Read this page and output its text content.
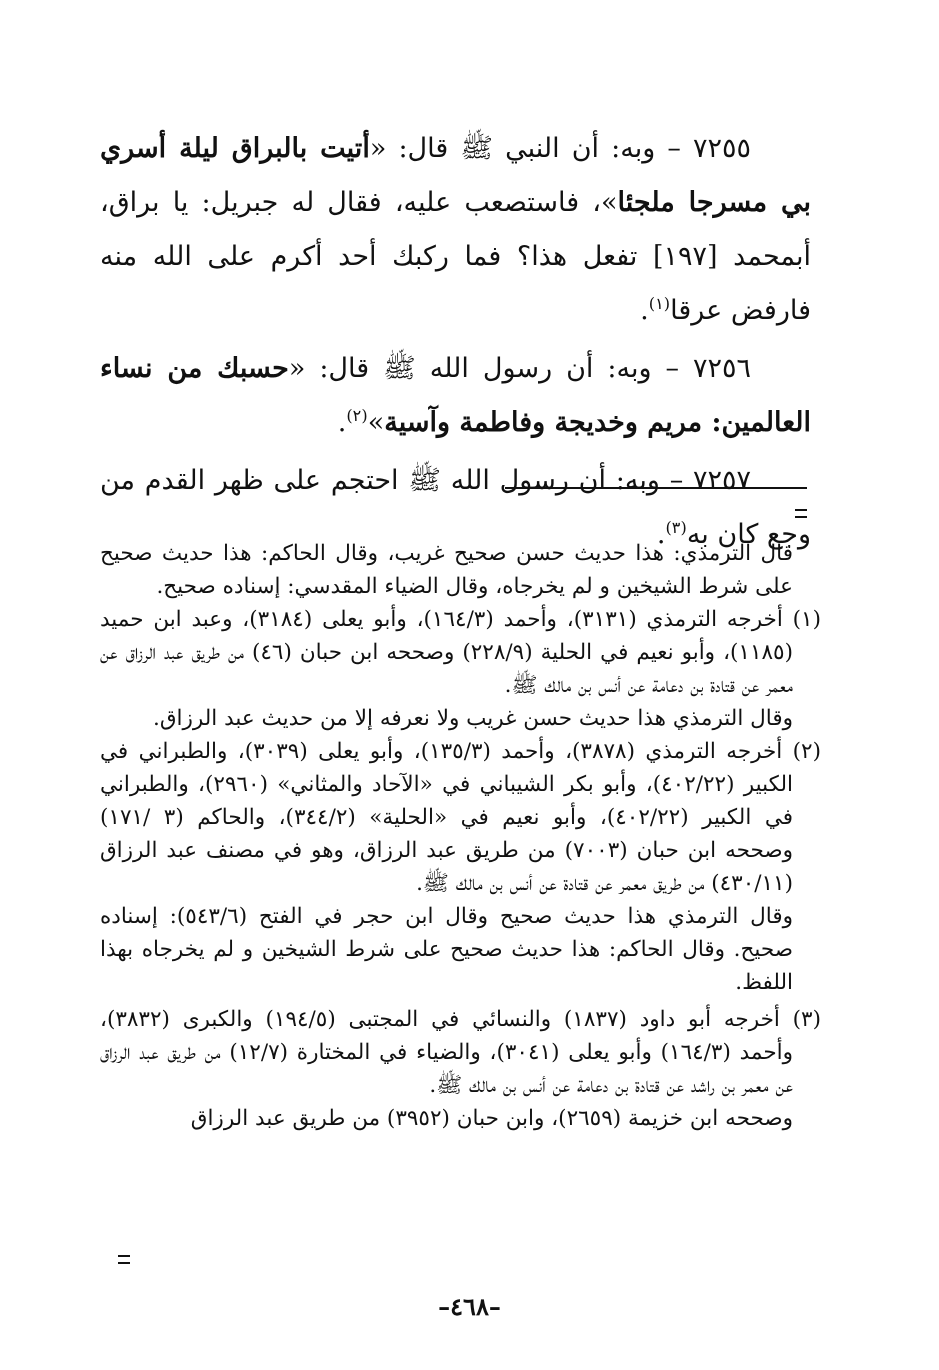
٧٢٥٥ – وبه: أن النبي ﷺ قال: «أتيت بالبراق ليلة أسري بي مسرجا ملجئا»، فاستصعب عليه، فقال له جبريل: يا براق، أبمحمد [١٩٧] تفعل هذا؟ فما ركبك أحد أكرم على الله منه فارفض عرقا$^{(١)}$.

٧٢٥٦ – وبه: أن رسول الله ﷺ قال: «حسبك من نساء العالمين: مريم وخديجة وفاطمة وآسية»$^{(٢)}$.

٧٢٥٧ – وبه: أن رسول الله ﷺ احتجم على ظهر القدم من وجع كان به$^{(٣)}$.

قال الترمذي: هذا حديث حسن صحيح غريب، وقال الحاكم: هذا حديث صحيح على شرط الشيخين و لم يخرجاه، وقال الضياء المقدسي: إسناده صحيح.

(١) أخرجه الترمذي (٣١٣١)، وأحمد (١٦٤/٣)، وأبو يعلى (٣١٨٤)، وعبد ابن حميد (١١٨٥)، وأبو نعيم في الحلية (٢٢٨/٩) وصححه ابن حبان (٤٦) من طريق عبد الرزاق عن معمر عن قتادة بن دعامة عن أنس بن مالك ﷺ.

وقال الترمذي هذا حديث حسن غريب ولا نعرفه إلا من حديث عبد الرزاق.

(٢) أخرجه الترمذي (٣٨٧٨)، وأحمد (١٣٥/٣)، وأبو يعلى (٣٠٣٩)، والطبراني في الكبير (٤٠٢/٢٢)، وأبو بكر الشيباني في «الآحاد والمثاني» (٢٩٦٠)، والطبراني في الكبير (٤٠٢/٢٢)، وأبو نعيم في «الحلية» (٣٤٤/٢)، والحاكم (٣ /١٧١) وصححه ابن حبان (٧٠٠٣) من طريق عبد الرزاق، وهو في مصنف عبد الرزاق (٤٣٠/١١) من طريق معمر عن قتادة عن أنس بن مالك ﷺ.

وقال الترمذي هذا حديث صحيح وقال ابن حجر في الفتح (٥٤٣/٦): إسناده صحيح. وقال الحاكم: هذا حديث صحيح على شرط الشيخين و لم يخرجاه بهذا اللفظ.

(٣) أخرجه أبو داود (١٨٣٧) والنسائي في المجتبى (١٩٤/٥) والكبرى (٣٨٣٢)، وأحمد (١٦٤/٣) وأبو يعلى (٣٠٤١)، والضياء في المختارة (١٢/٧) من طريق عبد الرزاق عن معمر بن راشد عن قتادة بن دعامة عن أنس بن مالك ﷺ.

وصححه ابن خزيمة (٢٦٥٩)، وابن حبان (٣٩٥٢) من طريق عبد الرزاق

–٤٦٨–
